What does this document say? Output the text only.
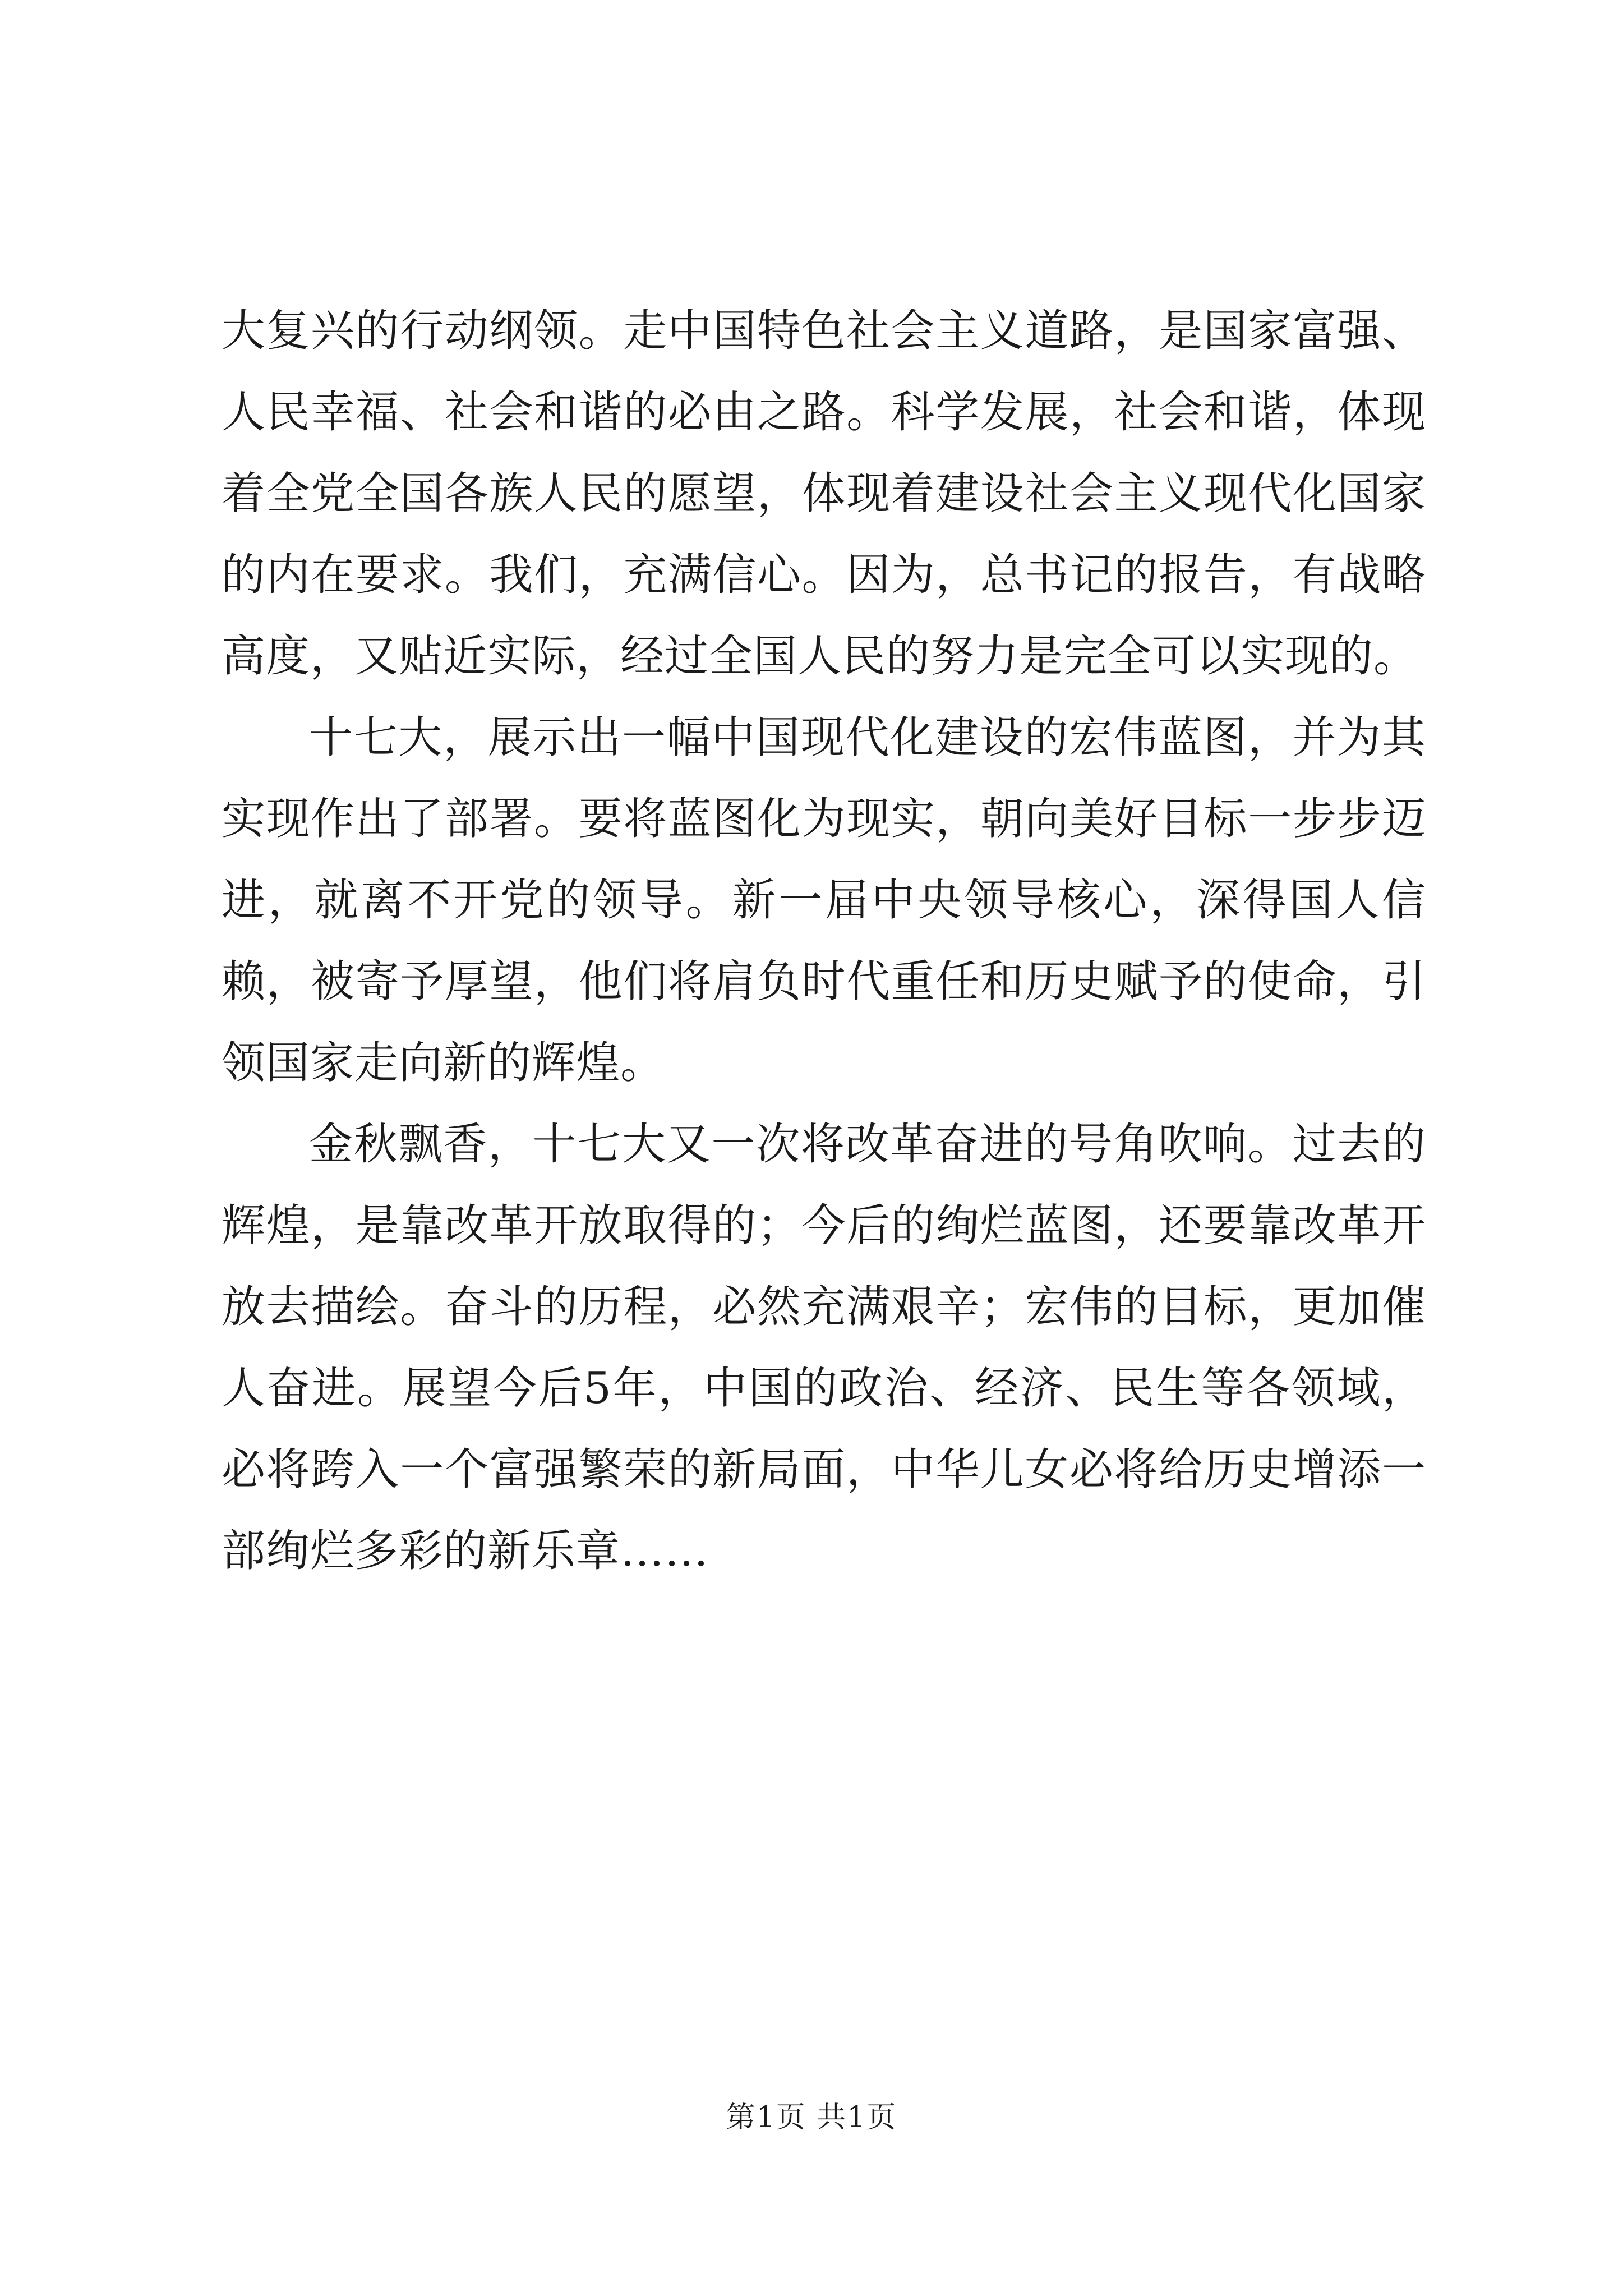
大复兴的行动纲领。走中国特色社会主义道路，是国家富强、人民幸福、社会和谐的必由之路。科学发展，社会和谐，体现着全党全国各族人民的愿望，体现着建设社会主义现代化国家的内在要求。我们，充满信心。因为，总书记的报告，有战略高度，又贴近实际，经过全国人民的努力是完全可以实现的。

十七大，展示出一幅中国现代化建设的宏伟蓝图，并为其实现作出了部署。要将蓝图化为现实，朝向美好目标一步步迈进，就离不开党的领导。新一届中央领导核心，深得国人信赖，被寄予厚望，他们将肩负时代重任和历史赋予的使命，引领国家走向新的辉煌。

金秋飘香，十七大又一次将改革奋进的号角吹响。过去的辉煌，是靠改革开放取得的；今后的绚烂蓝图，还要靠改革开放去描绘。奋斗的历程，必然充满艰辛；宏伟的目标，更加催人奋进。展望今后5年，中国的政治、经济、民生等各领域，必将跨入一个富强繁荣的新局面，中华儿女必将给历史增添一部绚烂多彩的新乐章……

第1页 共1页
